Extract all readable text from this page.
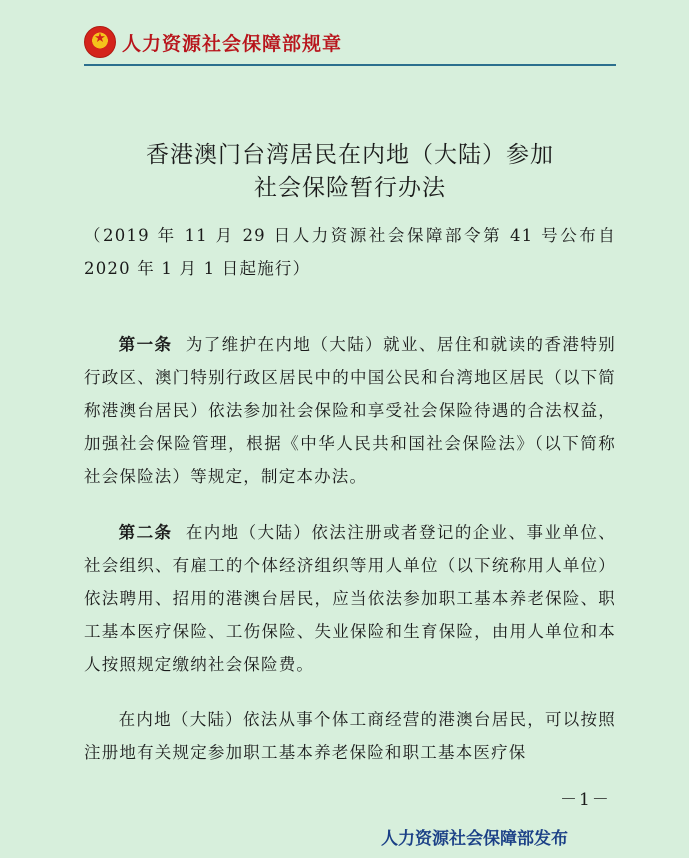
★
人力资源社会保障部规章
香港澳门台湾居民在内地（大陆）参加
社会保险暂行办法
（2019 年 11 月 29 日人力资源社会保障部令第 41 号公布自 2020 年 1 月 1 日起施行）
第一条 为了维护在内地（大陆）就业、居住和就读的香港特别行政区、澳门特别行政区居民中的中国公民和台湾地区居民（以下简称港澳台居民）依法参加社会保险和享受社会保险待遇的合法权益，加强社会保险管理，根据《中华人民共和国社会保险法》（以下简称社会保险法）等规定，制定本办法。
第二条 在内地（大陆）依法注册或者登记的企业、事业单位、社会组织、有雇工的个体经济组织等用人单位（以下统称用人单位）依法聘用、招用的港澳台居民，应当依法参加职工基本养老保险、职工基本医疗保险、工伤保险、失业保险和生育保险，由用人单位和本人按照规定缴纳社会保险费。
在内地（大陆）依法从事个体工商经营的港澳台居民，可以按照注册地有关规定参加职工基本养老保险和职工基本医疗保
－1－
人力资源社会保障部发布
